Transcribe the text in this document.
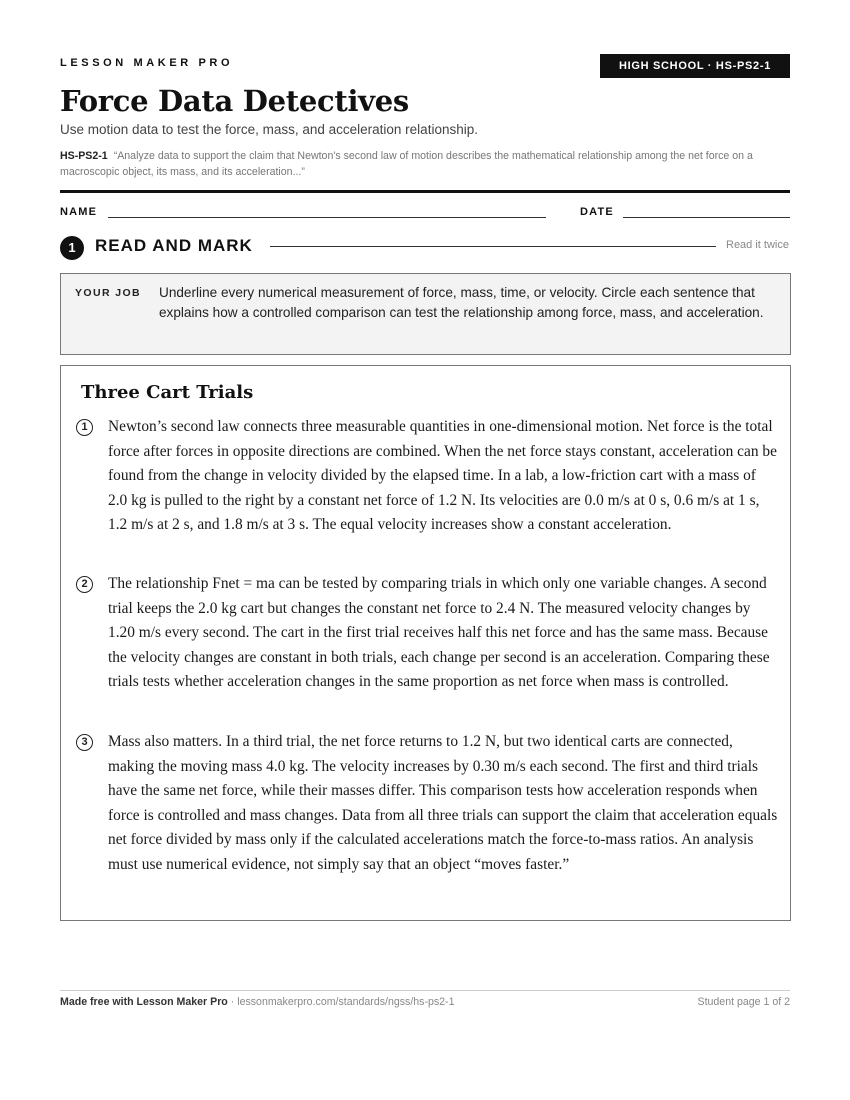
LESSON MAKER PRO	HIGH SCHOOL · HS-PS2-1
Force Data Detectives
Use motion data to test the force, mass, and acceleration relationship.
HS-PS2-1 “Analyze data to support the claim that Newton's second law of motion describes the mathematical relationship among the net force on a macroscopic object, its mass, and its acceleration...”
NAME	DATE
1	READ AND MARK	Read it twice
YOUR JOB Underline every numerical measurement of force, mass, time, or velocity. Circle each sentence that explains how a controlled comparison can test the relationship among force, mass, and acceleration.
Three Cart Trials
1	Newton’s second law connects three measurable quantities in one-dimensional motion. Net force is the total force after forces in opposite directions are combined. When the net force stays constant, acceleration can be found from the change in velocity divided by the elapsed time. In a lab, a low-friction cart with a mass of 2.0 kg is pulled to the right by a constant net force of 1.2 N. Its velocities are 0.0 m/s at 0 s, 0.6 m/s at 1 s, 1.2 m/s at 2 s, and 1.8 m/s at 3 s. The equal velocity increases show a constant acceleration.
2	The relationship Fnet = ma can be tested by comparing trials in which only one variable changes. A second trial keeps the 2.0 kg cart but changes the constant net force to 2.4 N. The measured velocity changes by 1.20 m/s every second. The cart in the first trial receives half this net force and has the same mass. Because the velocity changes are constant in both trials, each change per second is an acceleration. Comparing these trials tests whether acceleration changes in the same proportion as net force when mass is controlled.
3	Mass also matters. In a third trial, the net force returns to 1.2 N, but two identical carts are connected, making the moving mass 4.0 kg. The velocity increases by 0.30 m/s each second. The first and third trials have the same net force, while their masses differ. This comparison tests how acceleration responds when force is controlled and mass changes. Data from all three trials can support the claim that acceleration equals net force divided by mass only if the calculated accelerations match the force-to-mass ratios. An analysis must use numerical evidence, not simply say that an object “moves faster.”
Made free with Lesson Maker Pro · lessonmakerpro.com/standards/ngss/hs-ps2-1	Student page 1 of 2
